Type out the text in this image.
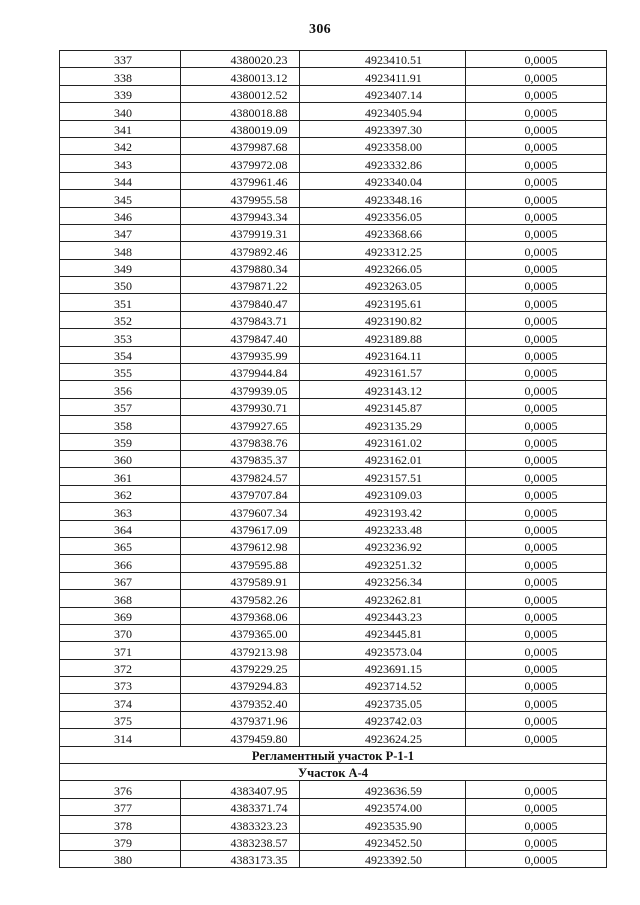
306
337	4380020.23	4923410.51	0,0005
338	4380013.12	4923411.91	0,0005
339	4380012.52	4923407.14	0,0005
340	4380018.88	4923405.94	0,0005
341	4380019.09	4923397.30	0,0005
342	4379987.68	4923358.00	0,0005
343	4379972.08	4923332.86	0,0005
344	4379961.46	4923340.04	0,0005
345	4379955.58	4923348.16	0,0005
346	4379943.34	4923356.05	0,0005
347	4379919.31	4923368.66	0,0005
348	4379892.46	4923312.25	0,0005
349	4379880.34	4923266.05	0,0005
350	4379871.22	4923263.05	0,0005
351	4379840.47	4923195.61	0,0005
352	4379843.71	4923190.82	0,0005
353	4379847.40	4923189.88	0,0005
354	4379935.99	4923164.11	0,0005
355	4379944.84	4923161.57	0,0005
356	4379939.05	4923143.12	0,0005
357	4379930.71	4923145.87	0,0005
358	4379927.65	4923135.29	0,0005
359	4379838.76	4923161.02	0,0005
360	4379835.37	4923162.01	0,0005
361	4379824.57	4923157.51	0,0005
362	4379707.84	4923109.03	0,0005
363	4379607.34	4923193.42	0,0005
364	4379617.09	4923233.48	0,0005
365	4379612.98	4923236.92	0,0005
366	4379595.88	4923251.32	0,0005
367	4379589.91	4923256.34	0,0005
368	4379582.26	4923262.81	0,0005
369	4379368.06	4923443.23	0,0005
370	4379365.00	4923445.81	0,0005
371	4379213.98	4923573.04	0,0005
372	4379229.25	4923691.15	0,0005
373	4379294.83	4923714.52	0,0005
374	4379352.40	4923735.05	0,0005
375	4379371.96	4923742.03	0,0005
314	4379459.80	4923624.25	0,0005
Регламентный участок Р-1-1			
Участок А-4			
376	4383407.95	4923636.59	0,0005
377	4383371.74	4923574.00	0,0005
378	4383323.23	4923535.90	0,0005
379	4383238.57	4923452.50	0,0005
380	4383173.35	4923392.50	0,0005
